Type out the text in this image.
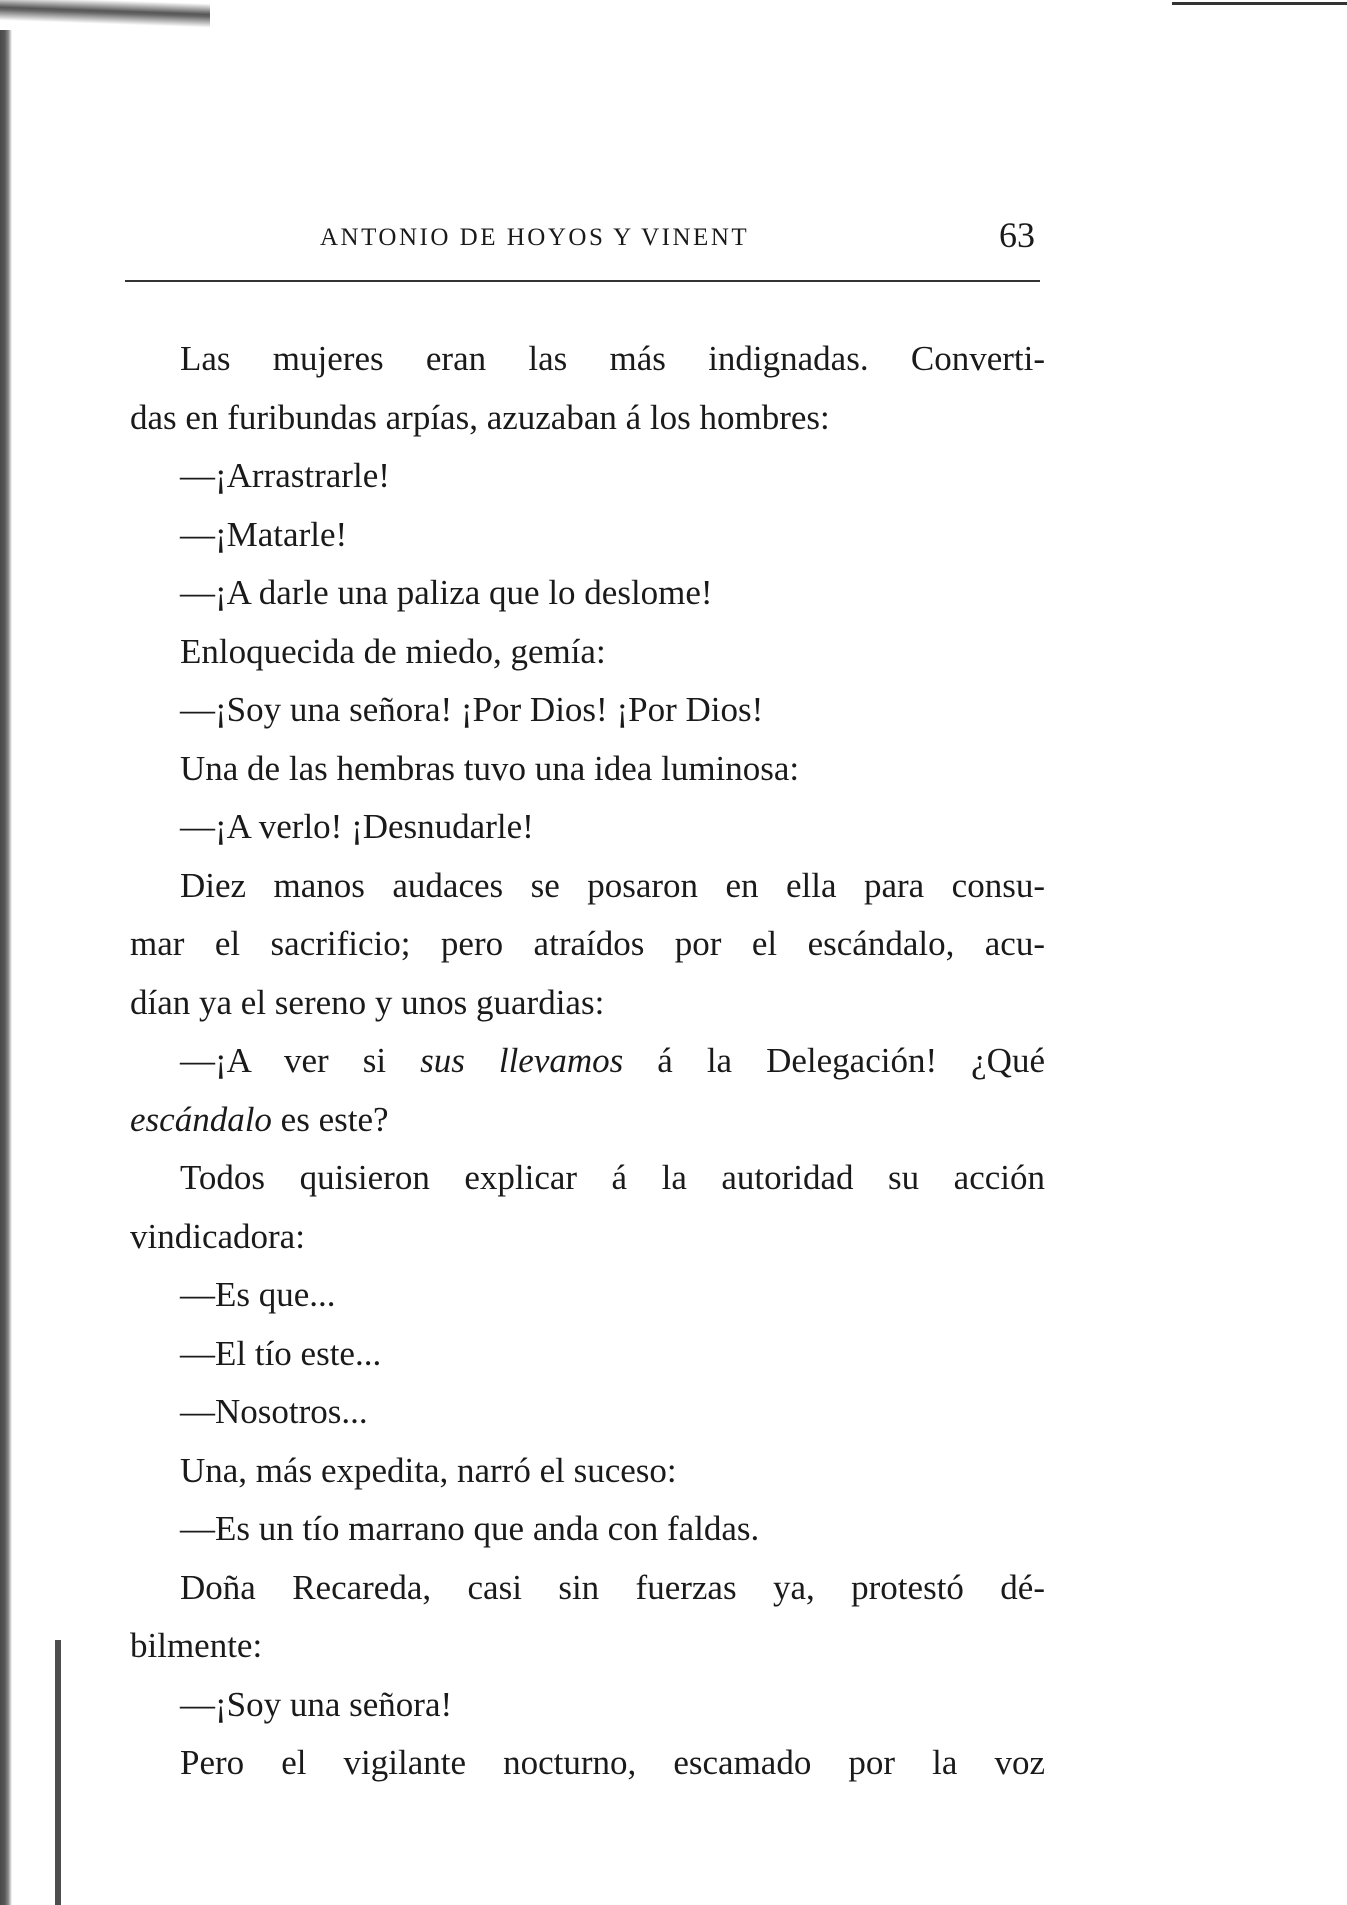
ANTONIO DE HOYOS Y VINENT	63
Las mujeres eran las más indignadas. Converti-
das en furibundas arpías, azuzaban á los hombres:
—¡Arrastrarle!
—¡Matarle!
—¡A darle una paliza que lo deslome!
Enloquecida de miedo, gemía:
—¡Soy una señora! ¡Por Dios! ¡Por Dios!
Una de las hembras tuvo una idea luminosa:
—¡A verlo! ¡Desnudarle!
Diez manos audaces se posaron en ella para consu-
mar el sacrificio; pero atraídos por el escándalo, acu-
dían ya el sereno y unos guardias:
—¡A ver si sus llevamos á la Delegación! ¿Qué
escándalo es este?
Todos quisieron explicar á la autoridad su acción
vindicadora:
—Es que...
—El tío este...
—Nosotros...
Una, más expedita, narró el suceso:
—Es un tío marrano que anda con faldas.
Doña Recareda, casi sin fuerzas ya, protestó dé-
bilmente:
—¡Soy una señora!
Pero el vigilante nocturno, escamado por la voz
